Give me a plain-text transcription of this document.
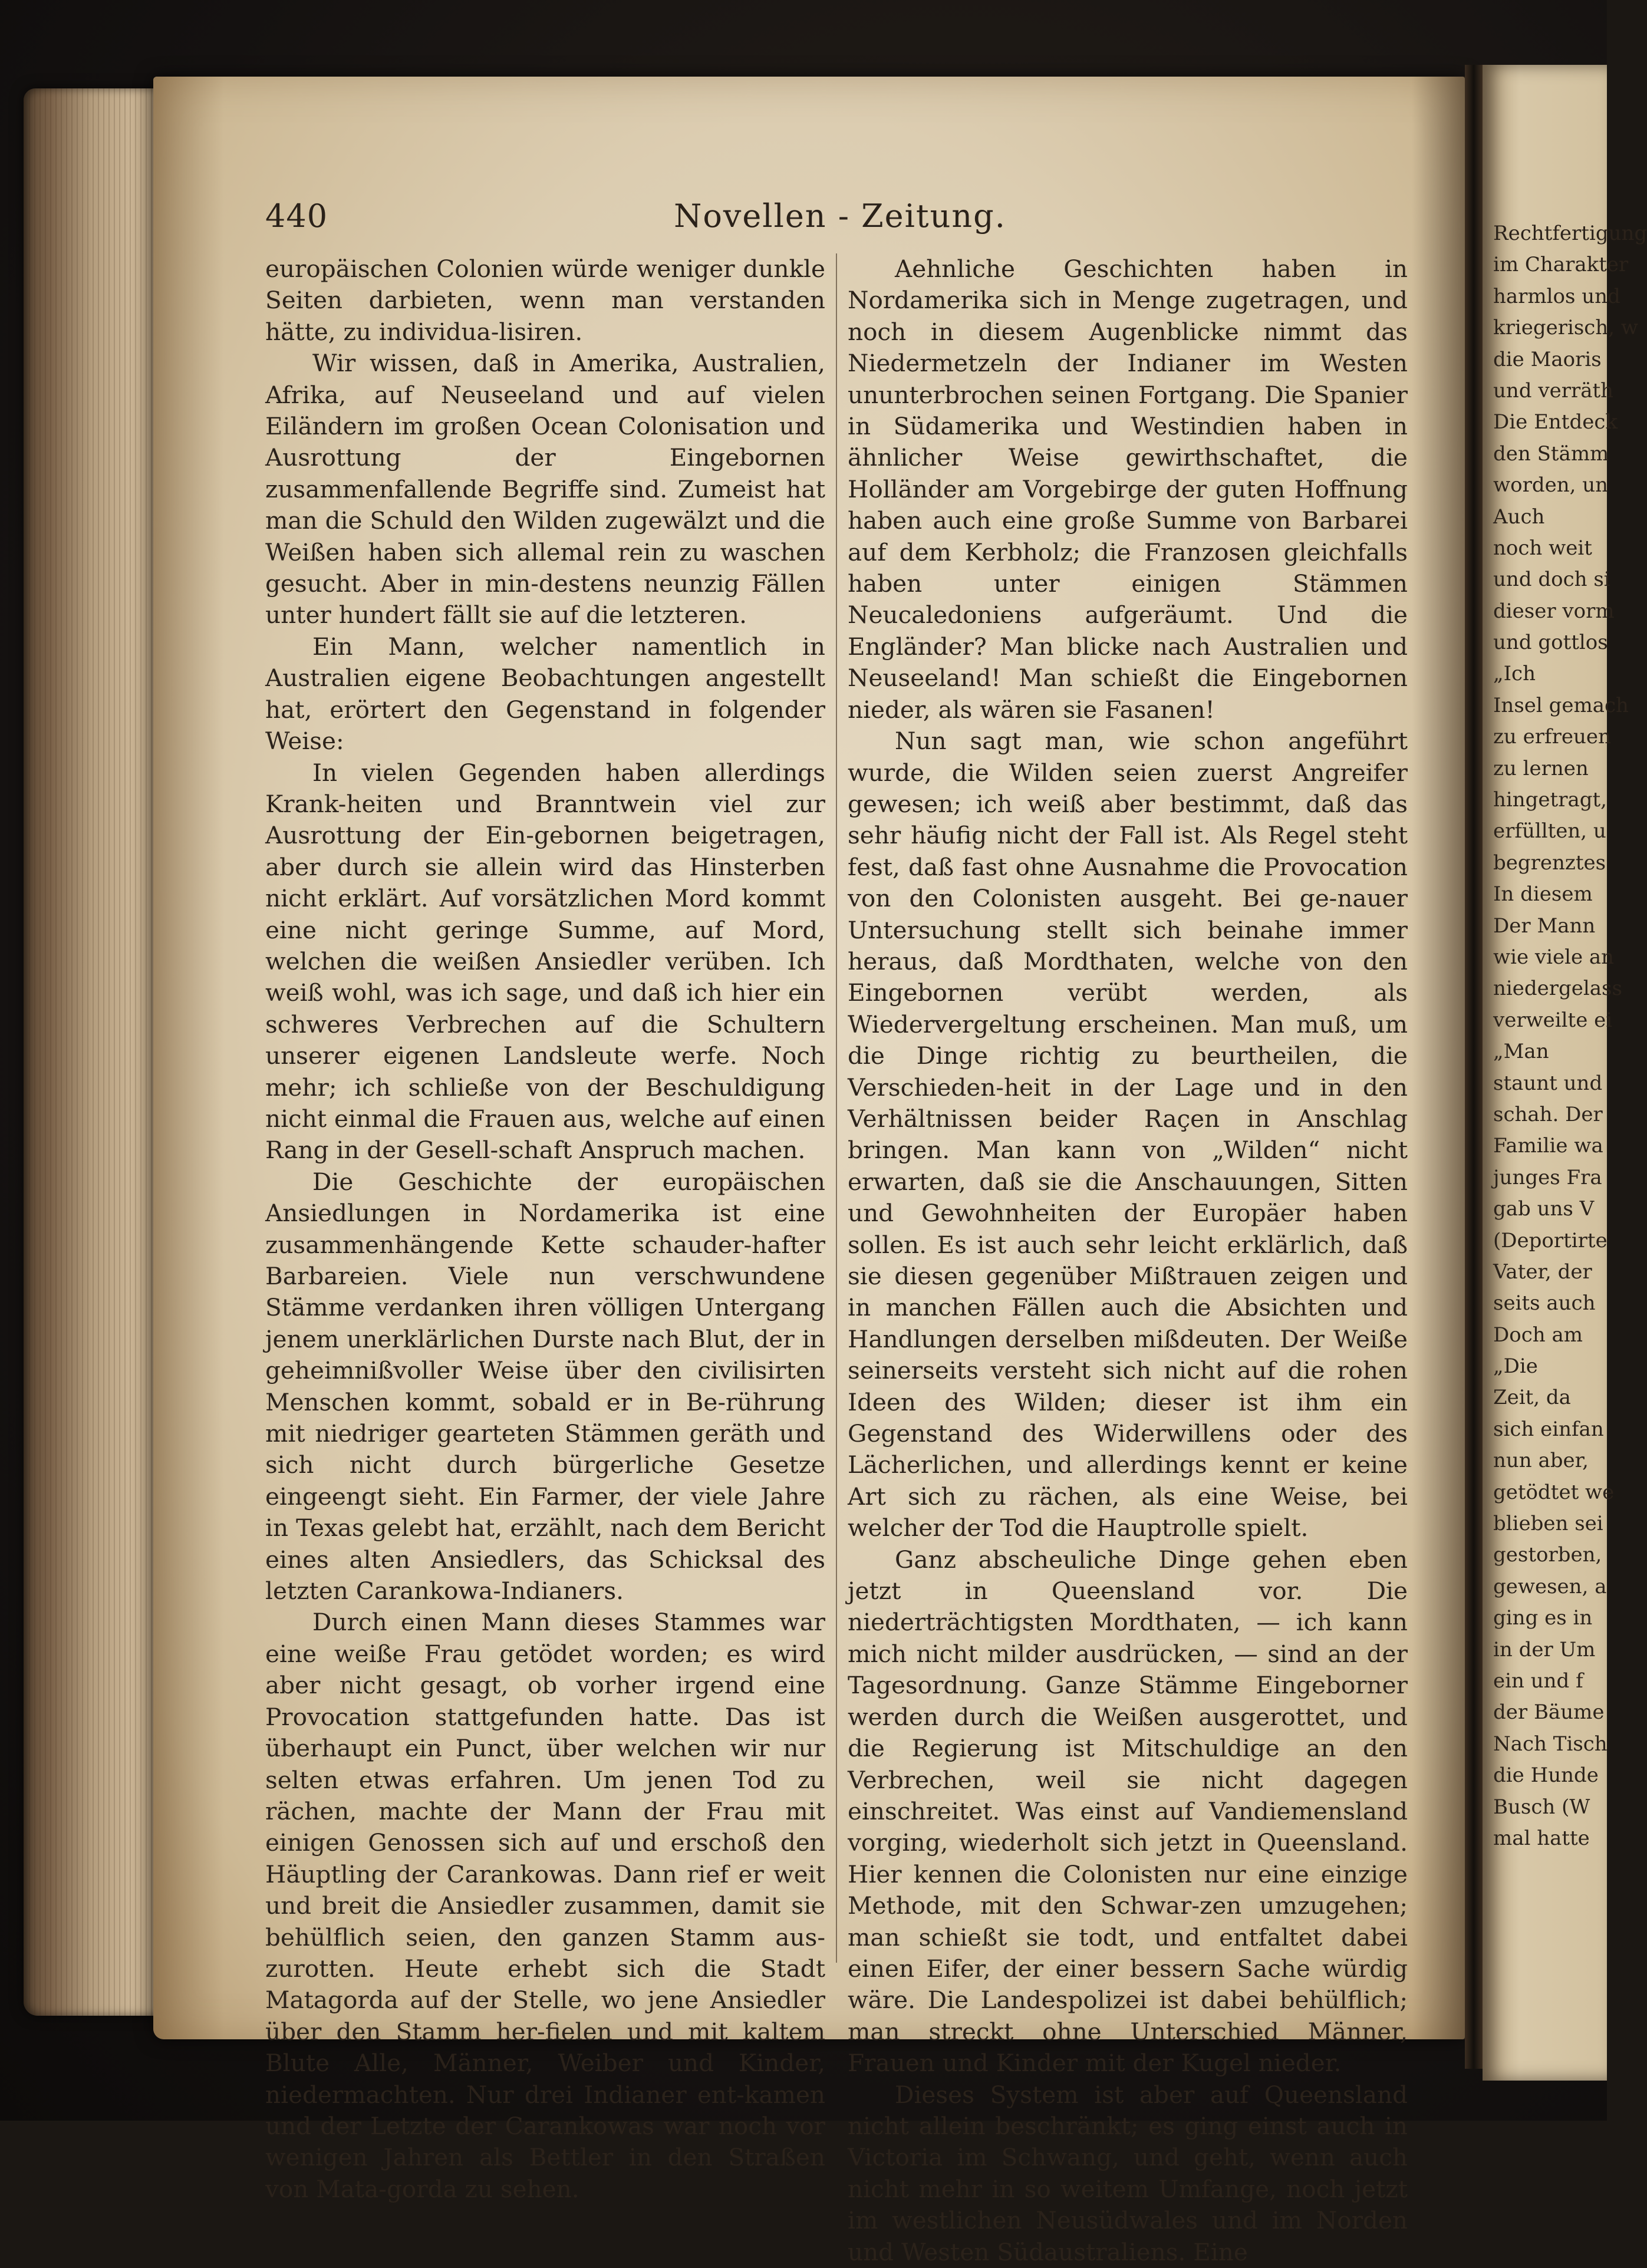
440	Novellen - Zeitung.

europäischen Colonien würde weniger dunkle Seiten darbieten, wenn man verstanden hätte, zu individua-lisiren.

Wir wissen, daß in Amerika, Australien, Afrika, auf Neuseeland und auf vielen Eiländern im großen Ocean Colonisation und Ausrottung der Eingebornen zusammenfallende Begriffe sind. Zumeist hat man die Schuld den Wilden zugewälzt und die Weißen haben sich allemal rein zu waschen gesucht. Aber in min-destens neunzig Fällen unter hundert fällt sie auf die letzteren.

Ein Mann, welcher namentlich in Australien eigene Beobachtungen angestellt hat, erörtert den Gegenstand in folgender Weise:

In vielen Gegenden haben allerdings Krank-heiten und Branntwein viel zur Ausrottung der Ein-gebornen beigetragen, aber durch sie allein wird das Hinsterben nicht erklärt. Auf vorsätzlichen Mord kommt eine nicht geringe Summe, auf Mord, welchen die weißen Ansiedler verüben. Ich weiß wohl, was ich sage, und daß ich hier ein schweres Verbrechen auf die Schultern unserer eigenen Landsleute werfe. Noch mehr; ich schließe von der Beschuldigung nicht einmal die Frauen aus, welche auf einen Rang in der Gesell-schaft Anspruch machen.

Die Geschichte der europäischen Ansiedlungen in Nordamerika ist eine zusammenhängende Kette schauder-hafter Barbareien. Viele nun verschwundene Stämme verdanken ihren völligen Untergang jenem unerklärlichen Durste nach Blut, der in geheimnißvoller Weise über den civilisirten Menschen kommt, sobald er in Be-rührung mit niedriger gearteten Stämmen geräth und sich nicht durch bürgerliche Gesetze eingeengt sieht. Ein Farmer, der viele Jahre in Texas gelebt hat, erzählt, nach dem Bericht eines alten Ansiedlers, das Schicksal des letzten Carankowa-Indianers.

Durch einen Mann dieses Stammes war eine weiße Frau getödet worden; es wird aber nicht gesagt, ob vorher irgend eine Provocation stattgefunden hatte. Das ist überhaupt ein Punct, über welchen wir nur selten etwas erfahren. Um jenen Tod zu rächen, machte der Mann der Frau mit einigen Genossen sich auf und erschoß den Häuptling der Carankowas. Dann rief er weit und breit die Ansiedler zusammen, damit sie behülflich seien, den ganzen Stamm aus-zurotten. Heute erhebt sich die Stadt Matagorda auf der Stelle, wo jene Ansiedler über den Stamm her-fielen und mit kaltem Blute Alle, Männer, Weiber und Kinder, niedermachten. Nur drei Indianer ent-kamen und der Letzte der Carankowas war noch vor wenigen Jahren als Bettler in den Straßen von Mata-gorda zu sehen.

Aehnliche Geschichten haben in Nordamerika sich in Menge zugetragen, und noch in diesem Augenblicke nimmt das Niedermetzeln der Indianer im Westen ununterbrochen seinen Fortgang. Die Spanier in Südamerika und Westindien haben in ähnlicher Weise gewirthschaftet, die Holländer am Vorgebirge der guten Hoffnung haben auch eine große Summe von Barbarei auf dem Kerbholz; die Franzosen gleichfalls haben unter einigen Stämmen Neucaledoniens aufgeräumt. Und die Engländer? Man blicke nach Australien und Neuseeland! Man schießt die Eingebornen nieder, als wären sie Fasanen!

Nun sagt man, wie schon angeführt wurde, die Wilden seien zuerst Angreifer gewesen; ich weiß aber bestimmt, daß das sehr häufig nicht der Fall ist. Als Regel steht fest, daß fast ohne Ausnahme die Provocation von den Colonisten ausgeht. Bei ge-nauer Untersuchung stellt sich beinahe immer heraus, daß Mordthaten, welche von den Eingebornen verübt werden, als Wiedervergeltung erscheinen. Man muß, um die Dinge richtig zu beurtheilen, die Verschieden-heit in der Lage und in den Verhältnissen beider Raçen in Anschlag bringen. Man kann von „Wilden“ nicht erwarten, daß sie die Anschauungen, Sitten und Gewohnheiten der Europäer haben sollen. Es ist auch sehr leicht erklärlich, daß sie diesen gegenüber Mißtrauen zeigen und in manchen Fällen auch die Absichten und Handlungen derselben mißdeuten. Der Weiße seinerseits versteht sich nicht auf die rohen Ideen des Wilden; dieser ist ihm ein Gegenstand des Widerwillens oder des Lächerlichen, und allerdings kennt er keine Art sich zu rächen, als eine Weise, bei welcher der Tod die Hauptrolle spielt.

Ganz abscheuliche Dinge gehen eben jetzt in Queensland vor. Die niederträchtigsten Mordthaten, — ich kann mich nicht milder ausdrücken, — sind an der Tagesordnung. Ganze Stämme Eingeborner werden durch die Weißen ausgerottet, und die Regierung ist Mitschuldige an den Verbrechen, weil sie nicht dagegen einschreitet. Was einst auf Vandiemensland vorging, wiederholt sich jetzt in Queensland. Hier kennen die Colonisten nur eine einzige Methode, mit den Schwar-zen umzugehen; man schießt sie todt, und entfaltet dabei einen Eifer, der einer bessern Sache würdig wäre. Die Landespolizei ist dabei behülflich; man streckt ohne Unterschied Männer, Frauen und Kinder mit der Kugel nieder.

Dieses System ist aber auf Queensland nicht allein beschränkt; es ging einst auch in Victoria im Schwang, und geht, wenn auch nicht mehr in so weitem Umfange, noch jetzt im westlichen Neusüdwales und im Norden und Westen Südaustraliens. Eine

Rechtfertigung
im Charakter
harmlos und
kriegerisch, w
die Maoris
und verräth
Die Entdeck
den Stämm
worden, un
Auch
noch weit
und doch si
dieser vorm
und gottlos
„Ich
Insel gemach
zu erfreuen
zu lernen
hingetragt,
erfüllten, u
begrenztes
In diesem
Der Mann
wie viele an
niedergelass
verweilte ei
„Man
staunt und
schah. Der
Familie wa
junges Fra
gab uns V
(Deportirte
Vater, der
seits auch
Doch am
„Die
Zeit, da
sich einfan
nun aber,
getödtet we
blieben sei
gestorben,
gewesen, a
ging es in
in der Um
ein und f
der Bäume
Nach Tisch
die Hunde
Busch (W
mal hatte
